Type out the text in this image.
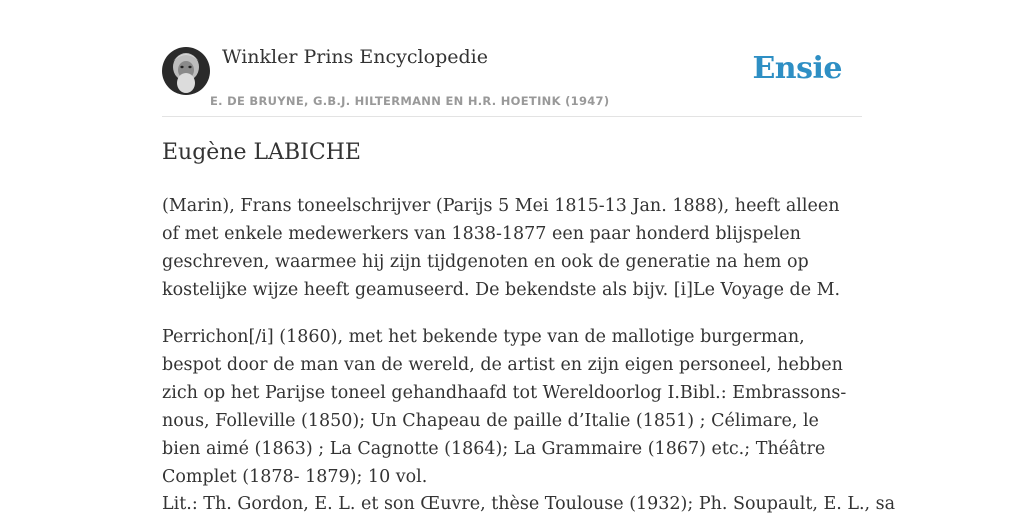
Winkler Prins Encyclopedie
E. DE BRUYNE, G.B.J. HILTERMANN EN H.R. HOETINK (1947)
Ensie
Eugène LABICHE

(Marin), Frans toneelschrijver (Parijs 5 Mei 1815-13 Jan. 1888), heeft alleen of met enkele medewerkers van 1838-1877 een paar honderd blijspelen geschreven, waarmee hij zijn tijdgenoten en ook de generatie na hem op kostelijke wijze heeft geamuseerd. De bekendste als bijv. [i]Le Voyage de M.

Perrichon[/i] (1860), met het bekende type van de mallotige burgerman, bespot door de man van de wereld, de artist en zijn eigen personeel, hebben zich op het Parijse toneel gehandhaafd tot Wereldoorlog I.Bibl.: Embrassons-nous, Folleville (1850); Un Chapeau de paille d’Italie (1851) ; Célimare, le bien aimé (1863) ; La Cagnotte (1864); La Grammaire (1867) etc.; Théâtre Complet (1878- 1879); 10 vol.

Lit.: Th. Gordon, E. L. et son Œuvre, thèse Toulouse (1932); Ph. Soupault, E. L., sa
